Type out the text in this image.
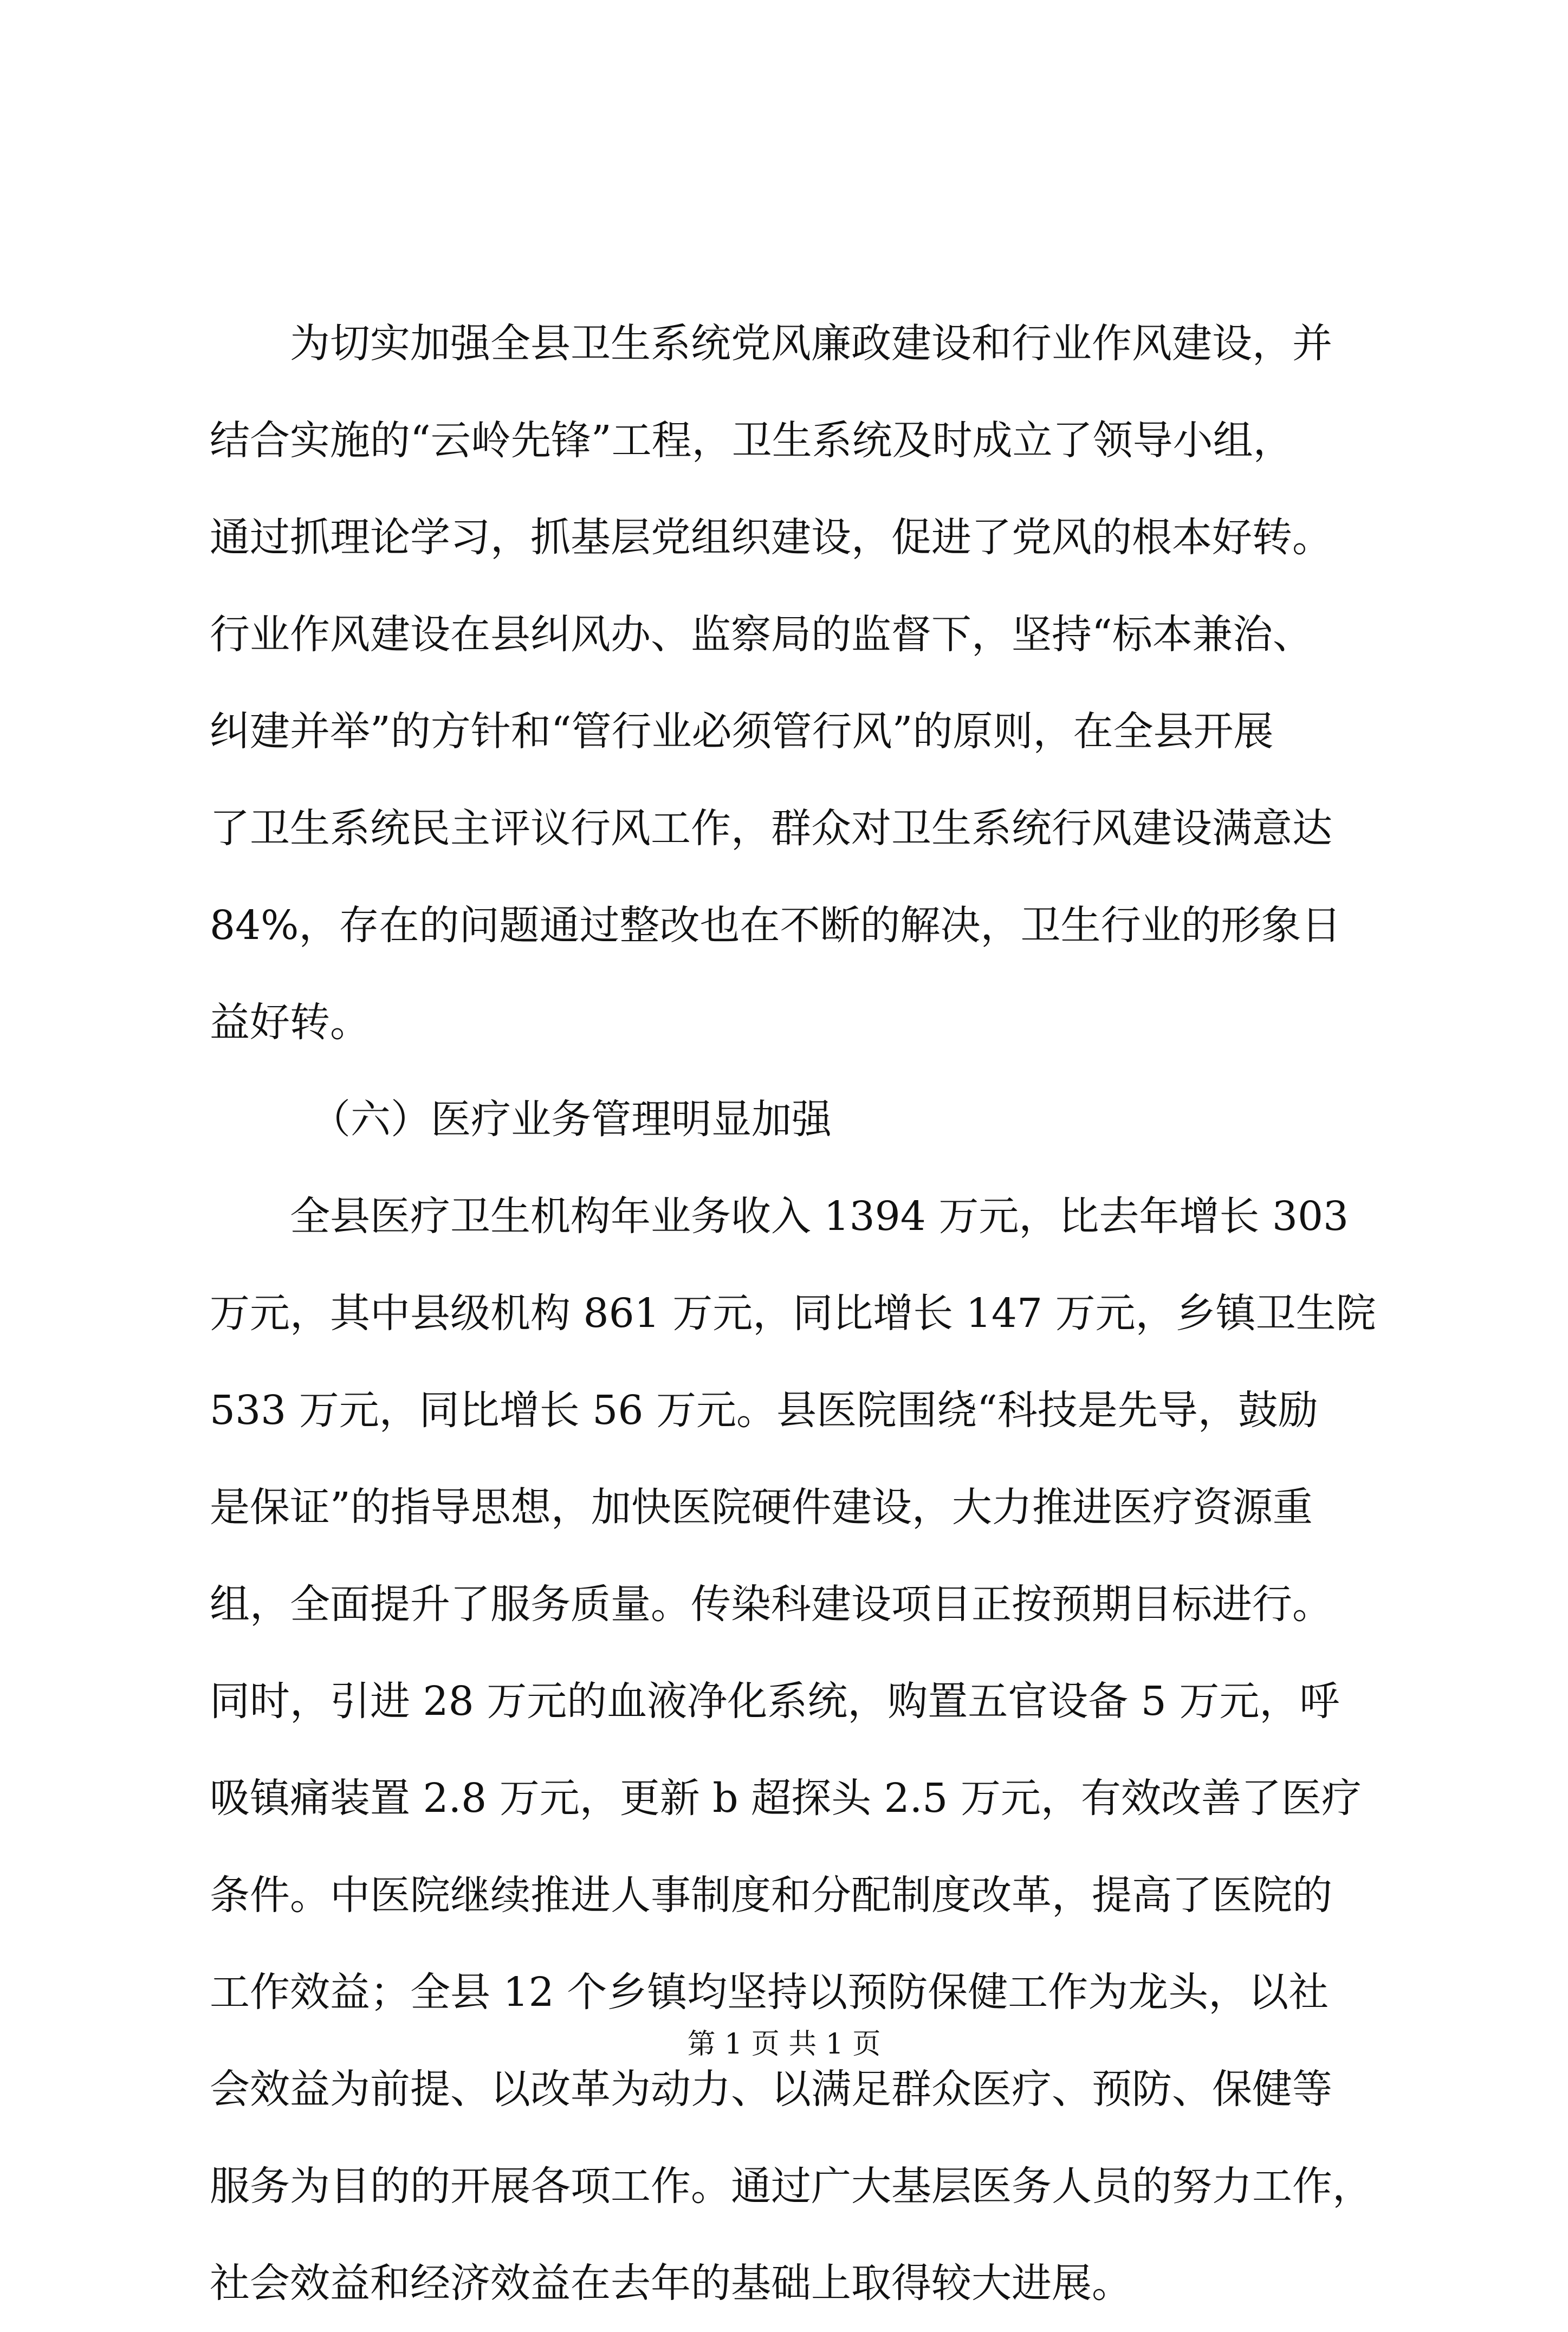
为切实加强全县卫生系统党风廉政建设和行业作风建设，并
结合实施的“云岭先锋”工程，卫生系统及时成立了领导小组，
通过抓理论学习，抓基层党组织建设，促进了党风的根本好转。
行业作风建设在县纠风办、监察局的监督下，坚持“标本兼治、
纠建并举”的方针和“管行业必须管行风”的原则，在全县开展
了卫生系统民主评议行风工作，群众对卫生系统行风建设满意达
84%，存在的问题通过整改也在不断的解决，卫生行业的形象日
益好转。
（六）医疗业务管理明显加强
全县医疗卫生机构年业务收入 1394 万元，比去年增长 303
万元，其中县级机构 861 万元，同比增长 147 万元，乡镇卫生院
533 万元，同比增长 56 万元。县医院围绕“科技是先导，鼓励
是保证”的指导思想，加快医院硬件建设，大力推进医疗资源重
组，全面提升了服务质量。传染科建设项目正按预期目标进行。
同时，引进 28 万元的血液净化系统，购置五官设备 5 万元，呼
吸镇痛装置 2.8 万元，更新 b 超探头 2.5 万元，有效改善了医疗
条件。中医院继续推进人事制度和分配制度改革，提高了医院的
工作效益；全县 12 个乡镇均坚持以预防保健工作为龙头，以社
会效益为前提、以改革为动力、以满足群众医疗、预防、保健等
服务为目的的开展各项工作。通过广大基层医务人员的努力工作，
社会效益和经济效益在去年的基础上取得较大进展。
第 1 页 共 1 页
